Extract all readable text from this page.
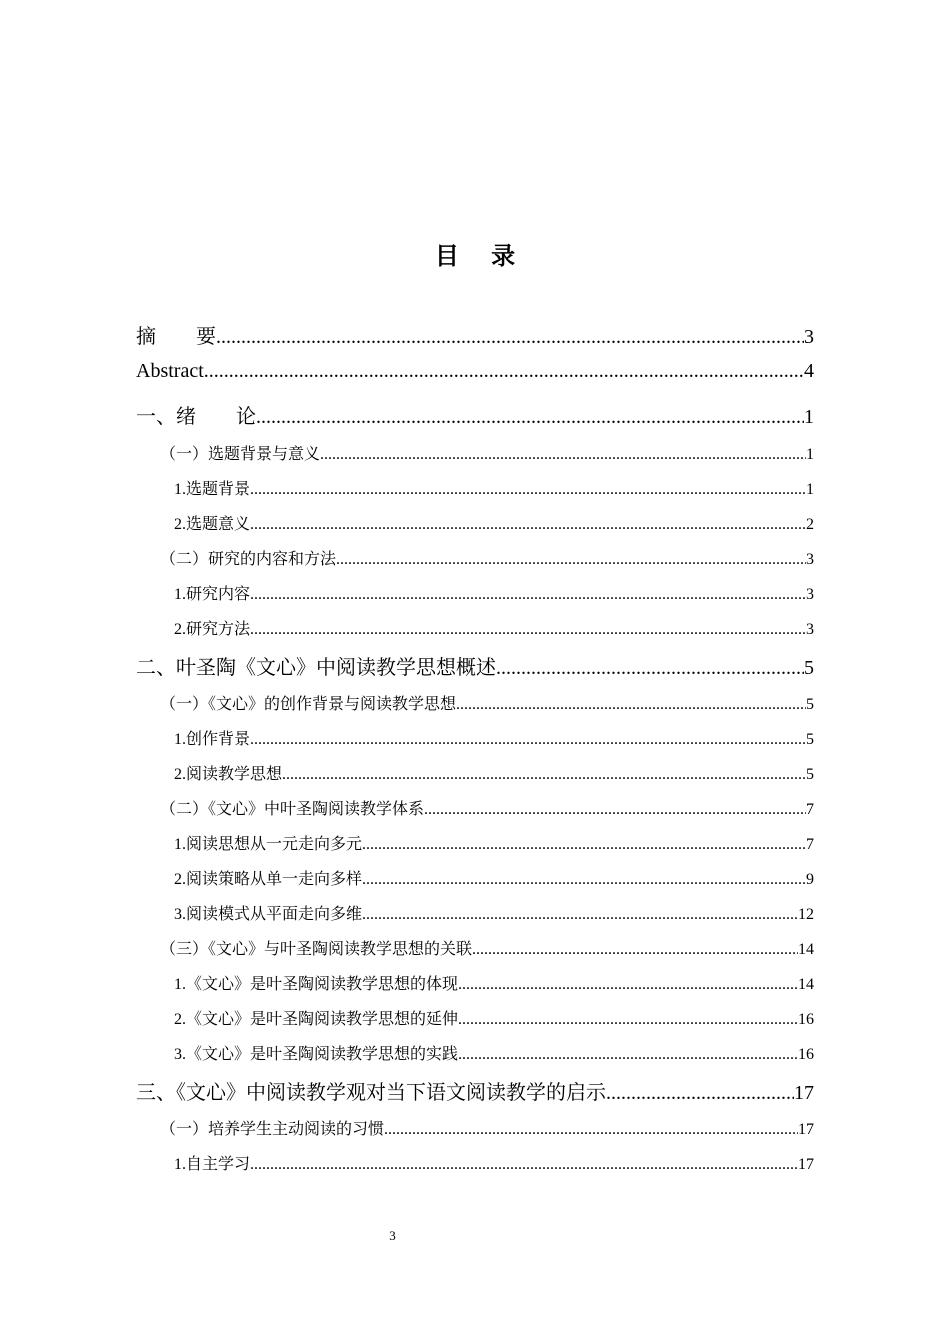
目 录
摘　　要 .....	3
Abstract .....	4
一、绪　　论 .....	1
（一）选题背景与意义 .....	1
1.选题背景 .....	1
2.选题意义 .....	2
（二）研究的内容和方法 .....	3
1.研究内容 .....	3
2.研究方法 .....	3
二、叶圣陶《文心》中阅读教学思想概述 .....	5
（一）《文心》的创作背景与阅读教学思想 .....	5
1.创作背景 .....	5
2.阅读教学思想 .....	5
（二）《文心》中叶圣陶阅读教学体系 .....	7
1.阅读思想从一元走向多元 .....	7
2.阅读策略从单一走向多样 .....	9
3.阅读模式从平面走向多维 .....	12
（三）《文心》与叶圣陶阅读教学思想的关联 .....	14
1.《文心》是叶圣陶阅读教学思想的体现 .....	14
2.《文心》是叶圣陶阅读教学思想的延伸 .....	16
3.《文心》是叶圣陶阅读教学思想的实践 .....	16
三、《文心》中阅读教学观对当下语文阅读教学的启示 .....	17
（一）培养学生主动阅读的习惯 .....	17
1.自主学习 .....	17
3
